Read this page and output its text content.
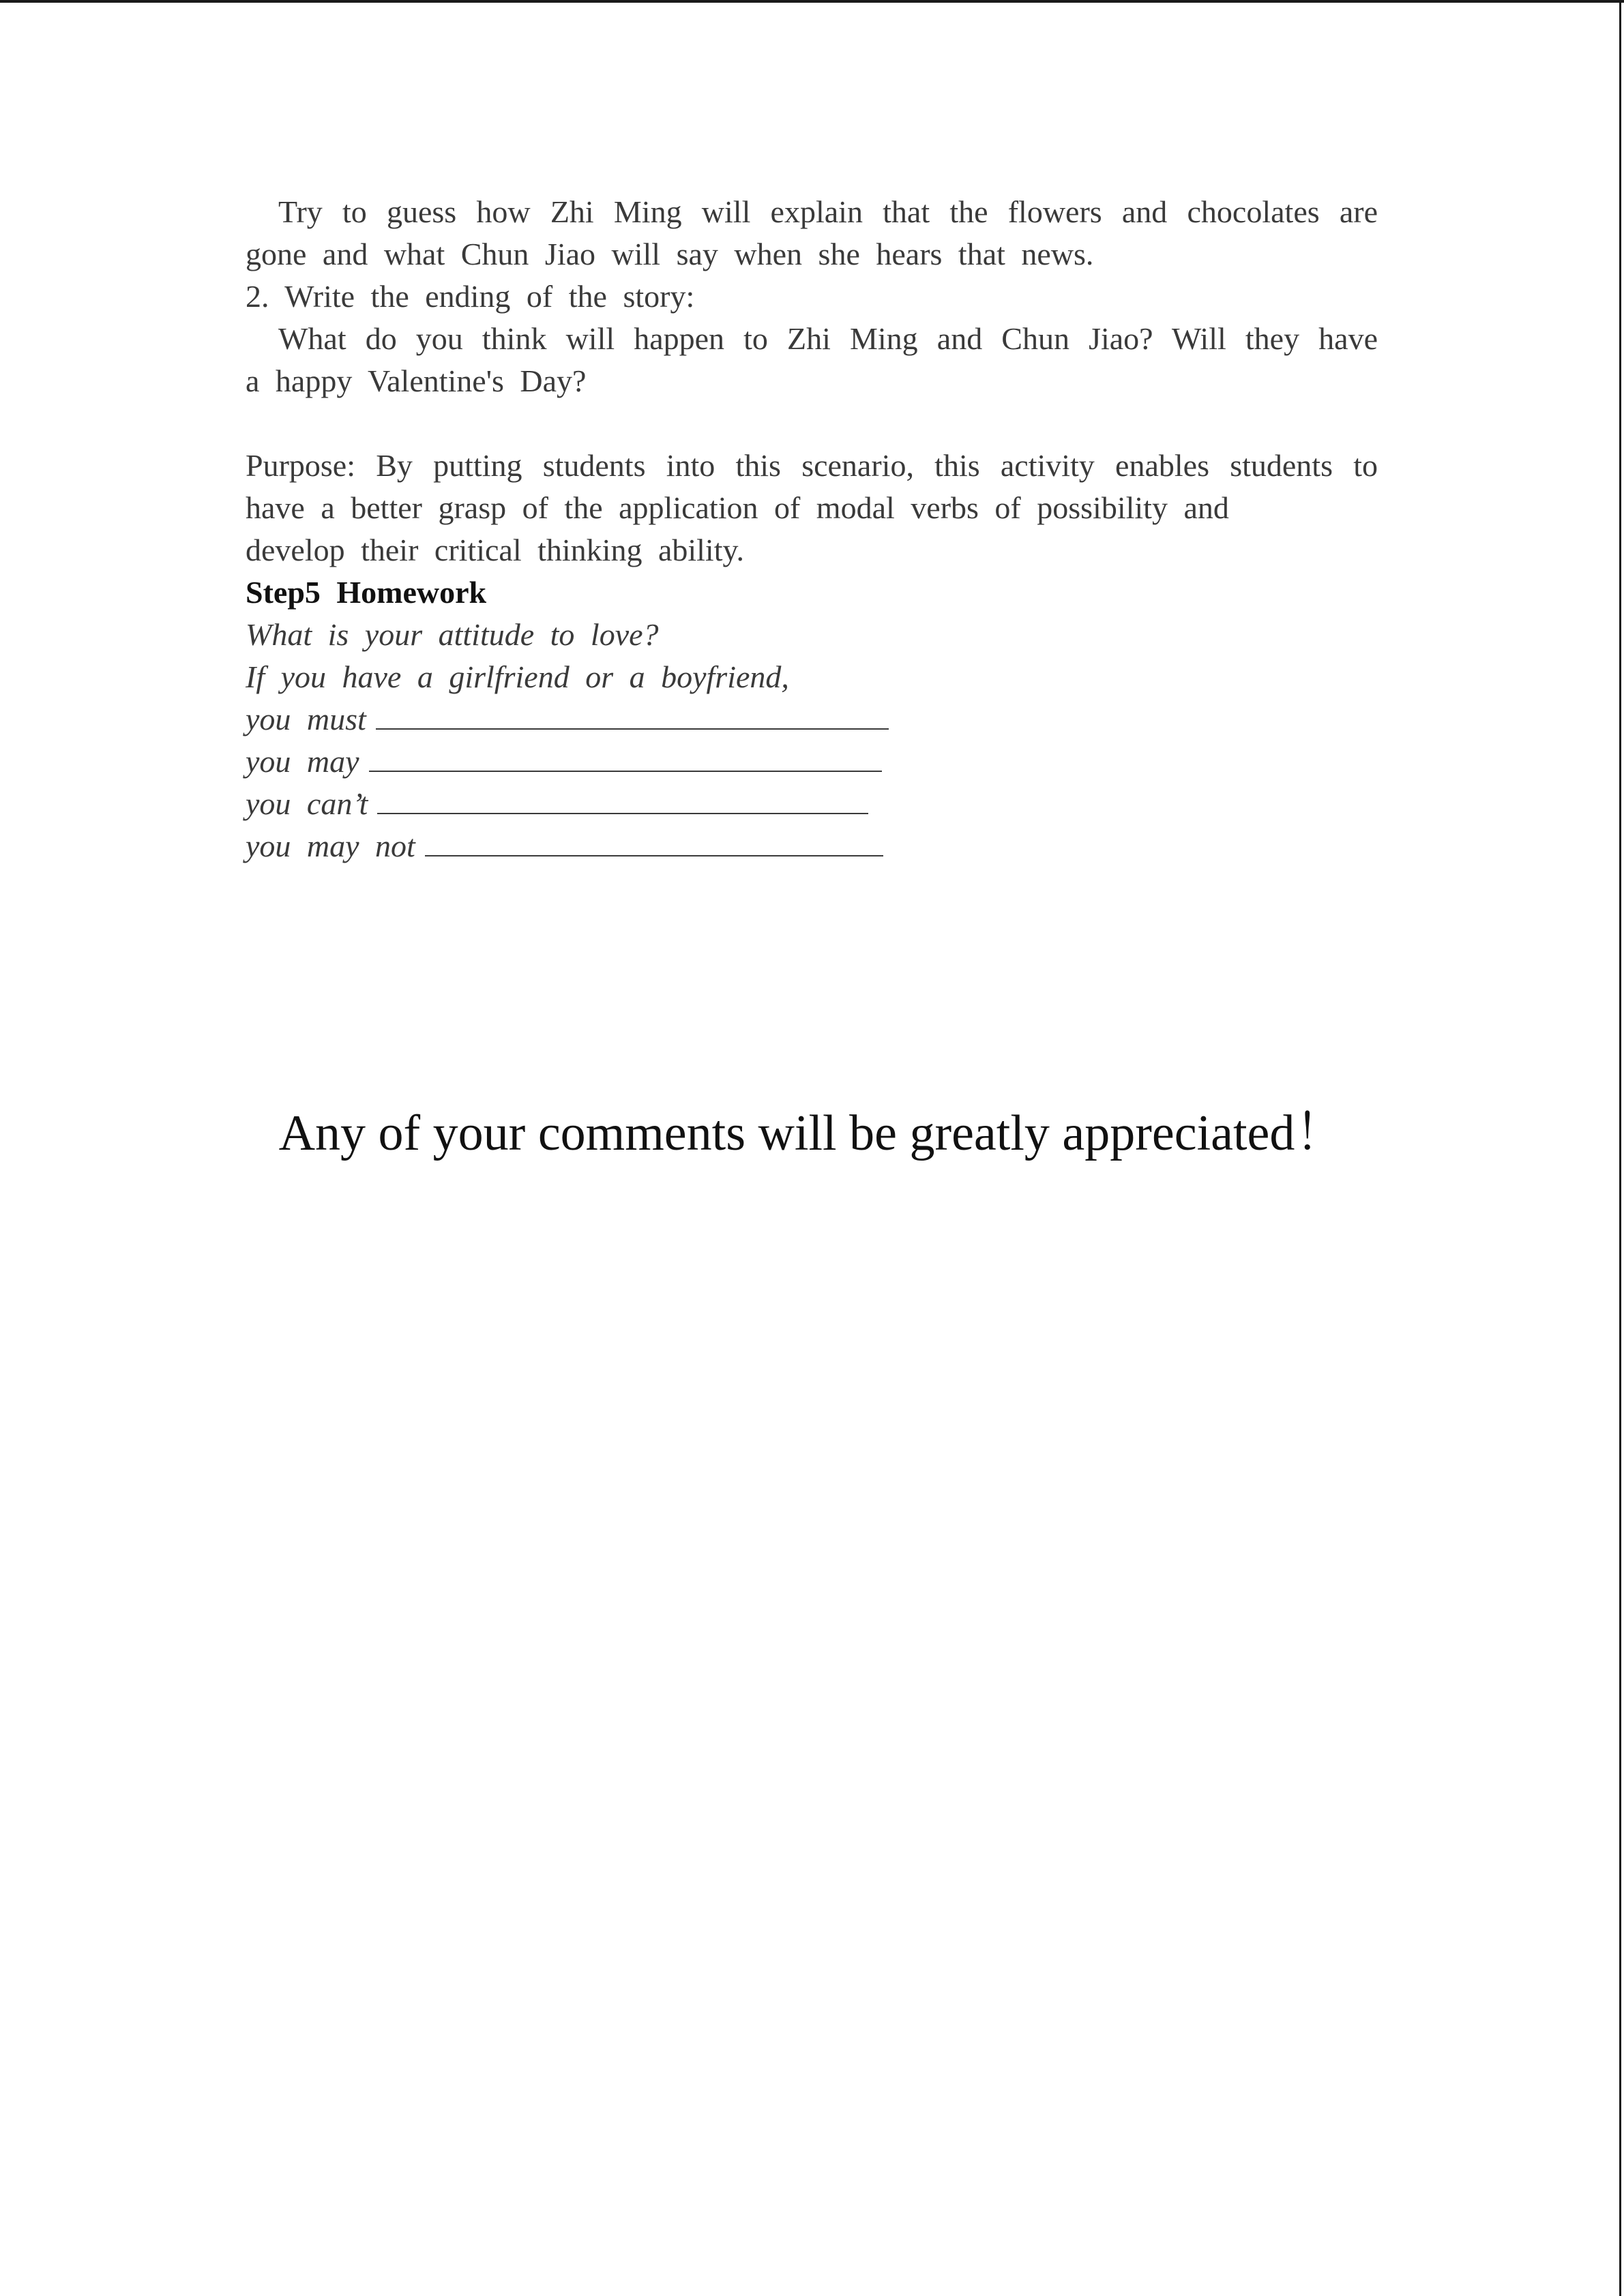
Try to guess how Zhi Ming will explain that the flowers and chocolates are
gone and what Chun Jiao will say when she hears that news.
2. Write the ending of the story:
What do you think will happen to Zhi Ming and Chun Jiao? Will they have
a happy Valentine's Day?
Purpose: By putting students into this scenario, this activity enables students to
have a better grasp of the application of modal verbs of possibility and
develop their critical thinking ability.
Step5 Homework
What is your attitude to love?
If you have a girlfriend or a boyfriend,
you must
you may
you can’t
you may not
Any of your comments will be greatly appreciated！
